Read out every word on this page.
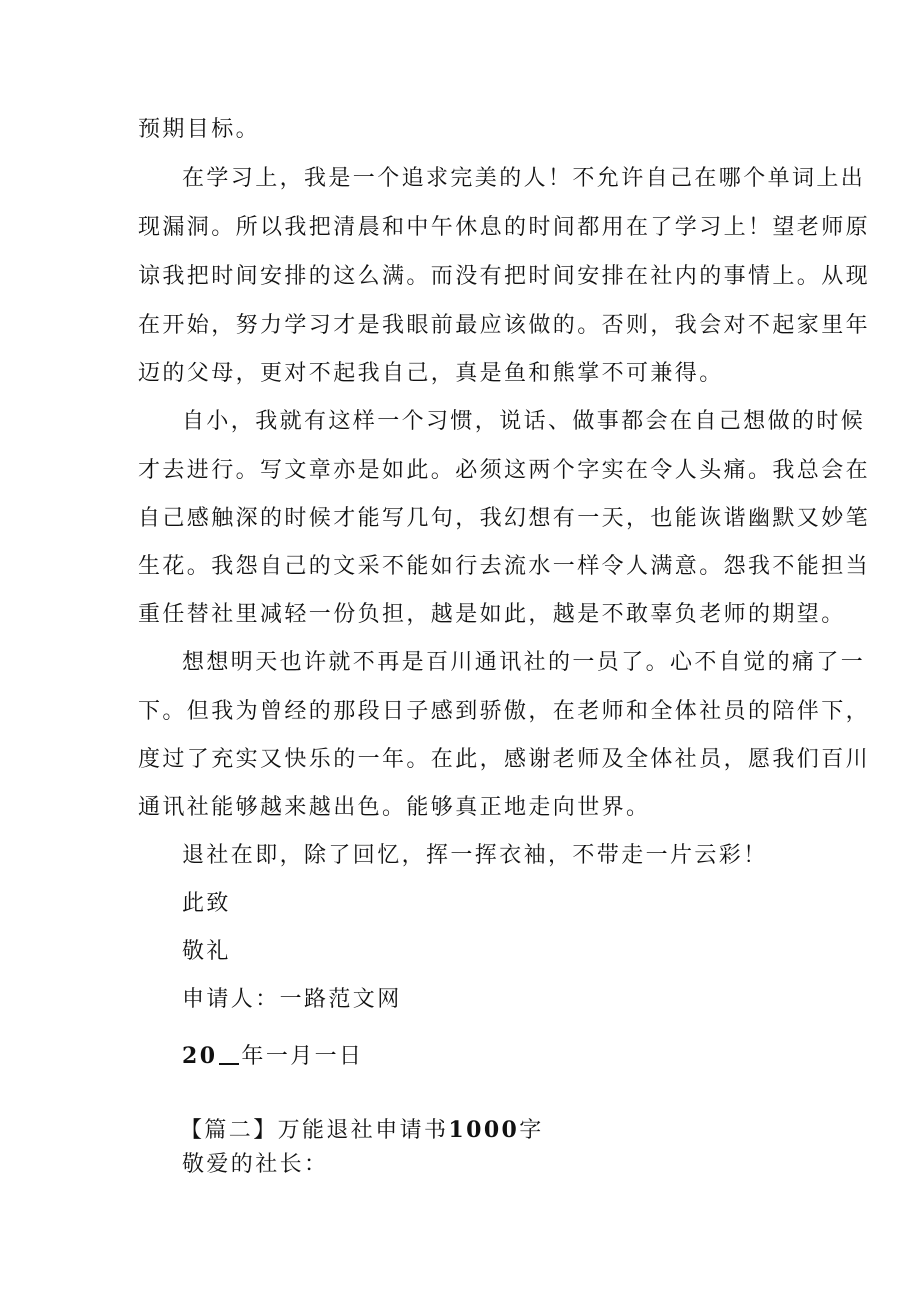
预期目标。
在学习上，我是一个追求完美的人！不允许自己在哪个单词上出
现漏洞。所以我把清晨和中午休息的时间都用在了学习上！望老师原
谅我把时间安排的这么满。而没有把时间安排在社内的事情上。从现
在开始，努力学习才是我眼前最应该做的。否则，我会对不起家里年
迈的父母，更对不起我自己，真是鱼和熊掌不可兼得。
自小，我就有这样一个习惯，说话、做事都会在自己想做的时候
才去进行。写文章亦是如此。必须这两个字实在令人头痛。我总会在
自己感触深的时候才能写几句，我幻想有一天，也能诙谐幽默又妙笔
生花。我怨自己的文采不能如行去流水一样令人满意。怨我不能担当
重任替社里减轻一份负担，越是如此，越是不敢辜负老师的期望。
想想明天也许就不再是百川通讯社的一员了。心不自觉的痛了一
下。但我为曾经的那段日子感到骄傲，在老师和全体社员的陪伴下，
度过了充实又快乐的一年。在此，感谢老师及全体社员，愿我们百川
通讯社能够越来越出色。能够真正地走向世界。
退社在即，除了回忆，挥一挥衣袖，不带走一片云彩！
此致
敬礼
申请人：一路范文网
20 年一月一日
【篇二】万能退社申请书1000字
敬爱的社长：
